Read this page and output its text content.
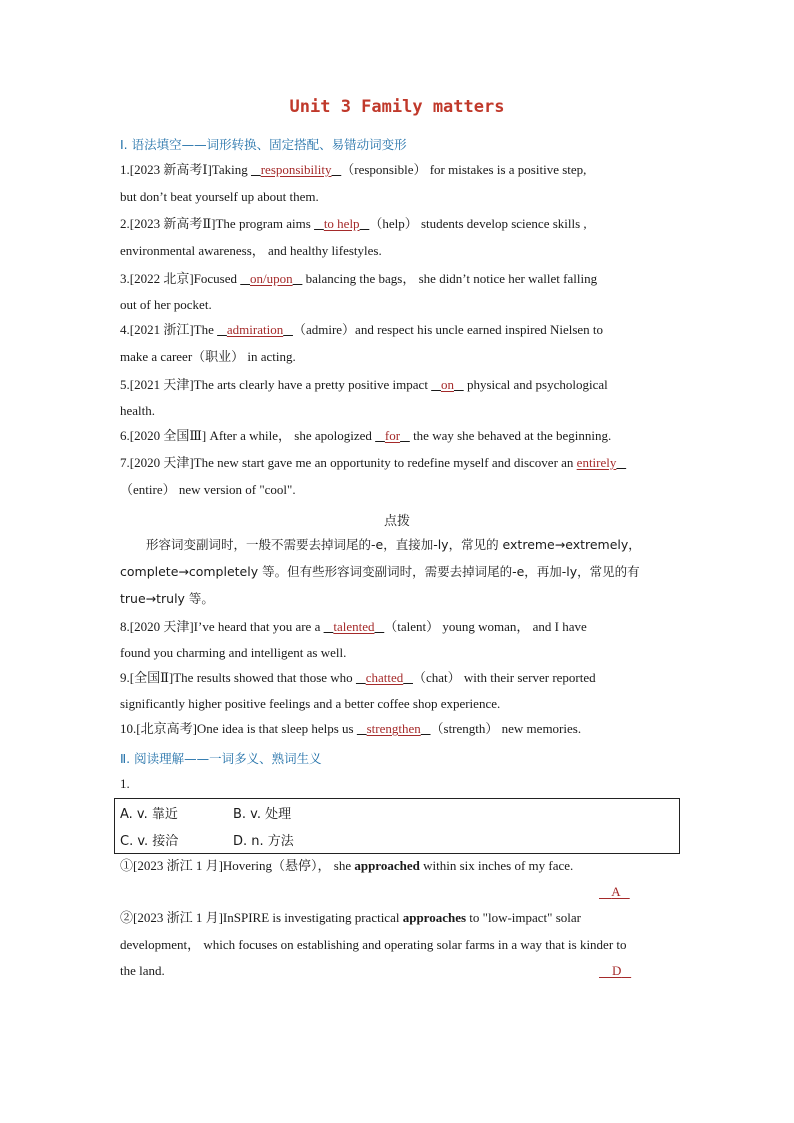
Unit 3 Family matters
Ⅰ. 语法填空——词形转换、固定搭配、易错动词变形
1.[2023 新高考Ⅰ]Taking    responsibility （responsible） for mistakes is a positive step,
but don’t beat yourself up about them.
2.[2023 新高考Ⅱ]The program aims    to help （help） students develop science skills ,
environmental awareness， and healthy lifestyles.
3.[2022 北京]Focused    on/upon    balancing the bags， she didn’t notice her wallet falling
out of her pocket.
4.[2021 浙江]The    admiration （admire）and respect his uncle earned inspired Nielsen to
make a career（职业） in acting.
5.[2021 天津]The arts clearly have a pretty positive impact    on    physical and psychological
health.
6.[2020 全国Ⅲ] After a while， she apologized    for    the way she behaved at the beginning.
7.[2020 天津]The new start gave me an opportunity to redefine myself and discover an entirely
（entire） new version of "cool".
点拨
形容词变副词时，一般不需要去掉词尾的-e，直接加-ly，常见的 extreme→extremely，
complete→completely 等。但有些形容词变副词时，需要去掉词尾的-e，再加-ly，常见的有
true→truly 等。
8.[2020 天津]I’ve heard that you are a    talented （talent） young woman， and I have
found you charming and intelligent as well.
9.[全国Ⅱ]The results showed that those who    chatted （chat） with their server reported
significantly higher positive feelings and a better coffee shop experience.
10.[北京高考]One idea is that sleep helps us    strengthen （strength） new memories.
Ⅱ. 阅读理解——一词多义、熟词生义
1.
A. v. 靠近	B. v. 处理
C. v. 接洽	D. n. 方法
①[2023 浙江 1 月]Hovering（悬停）， she approached within six inches of my face.
A
②[2023 浙江 1 月]InSPIRE is investigating practical approaches to "low-impact" solar
development， which focuses on establishing and operating solar farms in a way that is kinder to
the land.	D
